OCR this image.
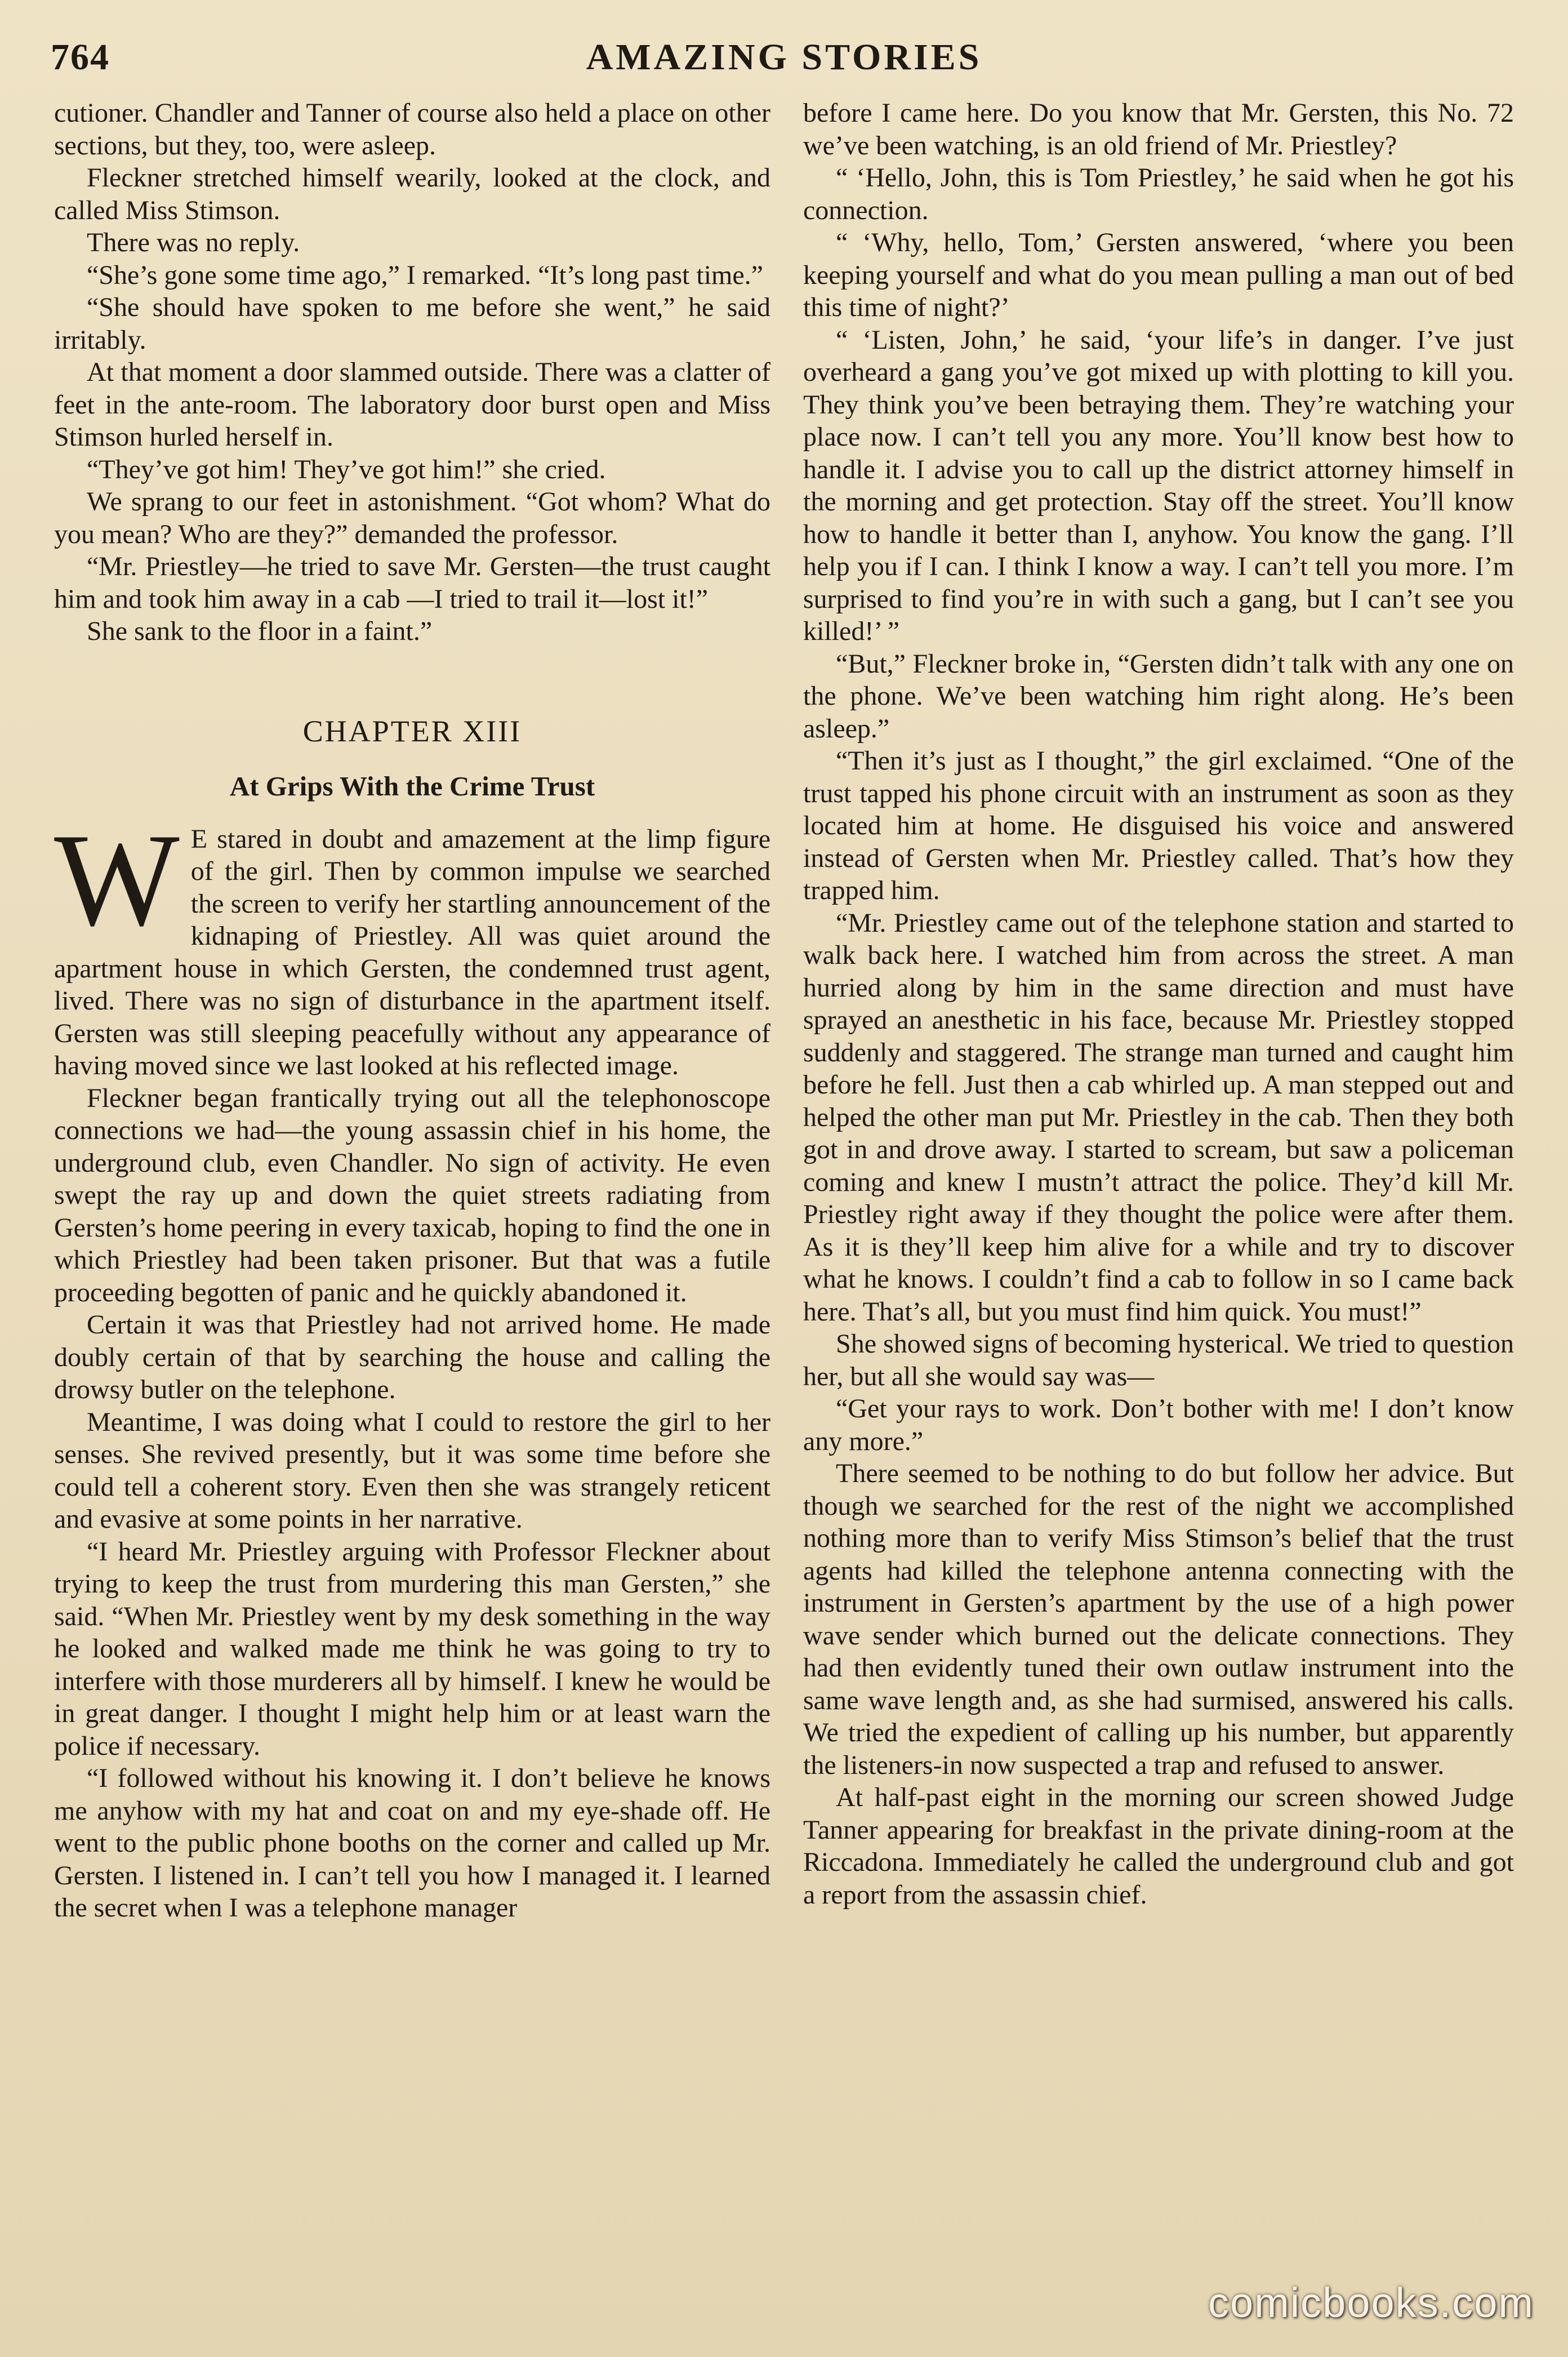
764	AMAZING STORIES

cutioner. Chandler and Tanner of course also held a place on other sections, but they, too, were asleep.

Fleckner stretched himself wearily, looked at the clock, and called Miss Stimson.

There was no reply.

“She’s gone some time ago,” I remarked. “It’s long past time.”

“She should have spoken to me before she went,” he said irritably.

At that moment a door slammed outside. There was a clatter of feet in the ante-room. The laboratory door burst open and Miss Stimson hurled herself in.

“They’ve got him! They’ve got him!” she cried.

We sprang to our feet in astonishment. “Got whom? What do you mean? Who are they?” demanded the professor.

“Mr. Priestley—he tried to save Mr. Gersten—the trust caught him and took him away in a cab —I tried to trail it—lost it!”

She sank to the floor in a faint.”

CHAPTER XIII
At Grips With the Crime Trust

W E stared in doubt and amazement at the limp figure of the girl. Then by common impulse we searched the screen to verify her startling announcement of the kidnaping of Priestley. All was quiet around the apartment house in which Gersten, the condemned trust agent, lived. There was no sign of disturbance in the apartment itself. Gersten was still sleeping peacefully without any appearance of having moved since we last looked at his reflected image.

Fleckner began frantically trying out all the telephonoscope connections we had—the young assassin chief in his home, the underground club, even Chandler. No sign of activity. He even swept the ray up and down the quiet streets radiating from Gersten’s home peering in every taxicab, hoping to find the one in which Priestley had been taken prisoner. But that was a futile proceeding begotten of panic and he quickly abandoned it.

Certain it was that Priestley had not arrived home. He made doubly certain of that by searching the house and calling the drowsy butler on the telephone.

Meantime, I was doing what I could to restore the girl to her senses. She revived presently, but it was some time before she could tell a coherent story. Even then she was strangely reticent and evasive at some points in her narrative.

“I heard Mr. Priestley arguing with Professor Fleckner about trying to keep the trust from murdering this man Gersten,” she said. “When Mr. Priestley went by my desk something in the way he looked and walked made me think he was going to try to interfere with those murderers all by himself. I knew he would be in great danger. I thought I might help him or at least warn the police if necessary.

“I followed without his knowing it. I don’t believe he knows me anyhow with my hat and coat on and my eye-shade off. He went to the public phone booths on the corner and called up Mr. Gersten. I listened in. I can’t tell you how I managed it. I learned the secret when I was a telephone manager

before I came here. Do you know that Mr. Gersten, this No. 72 we’ve been watching, is an old friend of Mr. Priestley?

“ ‘Hello, John, this is Tom Priestley,’ he said when he got his connection.

“ ‘Why, hello, Tom,’ Gersten answered, ‘where you been keeping yourself and what do you mean pulling a man out of bed this time of night?’

“ ‘Listen, John,’ he said, ‘your life’s in danger. I’ve just overheard a gang you’ve got mixed up with plotting to kill you. They think you’ve been betraying them. They’re watching your place now. I can’t tell you any more. You’ll know best how to handle it. I advise you to call up the district attorney himself in the morning and get protection. Stay off the street. You’ll know how to handle it better than I, anyhow. You know the gang. I’ll help you if I can. I think I know a way. I can’t tell you more. I’m surprised to find you’re in with such a gang, but I can’t see you killed!’ ”

“But,” Fleckner broke in, “Gersten didn’t talk with any one on the phone. We’ve been watching him right along. He’s been asleep.”

“Then it’s just as I thought,” the girl exclaimed. “One of the trust tapped his phone circuit with an instrument as soon as they located him at home. He disguised his voice and answered instead of Gersten when Mr. Priestley called. That’s how they trapped him.

“Mr. Priestley came out of the telephone station and started to walk back here. I watched him from across the street. A man hurried along by him in the same direction and must have sprayed an anesthetic in his face, because Mr. Priestley stopped suddenly and staggered. The strange man turned and caught him before he fell. Just then a cab whirled up. A man stepped out and helped the other man put Mr. Priestley in the cab. Then they both got in and drove away. I started to scream, but saw a policeman coming and knew I mustn’t attract the police. They’d kill Mr. Priestley right away if they thought the police were after them. As it is they’ll keep him alive for a while and try to discover what he knows. I couldn’t find a cab to follow in so I came back here. That’s all, but you must find him quick. You must!”

She showed signs of becoming hysterical. We tried to question her, but all she would say was—

“Get your rays to work. Don’t bother with me! I don’t know any more.”

There seemed to be nothing to do but follow her advice. But though we searched for the rest of the night we accomplished nothing more than to verify Miss Stimson’s belief that the trust agents had killed the telephone antenna connecting with the instrument in Gersten’s apartment by the use of a high power wave sender which burned out the delicate connections. They had then evidently tuned their own outlaw instrument into the same wave length and, as she had surmised, answered his calls. We tried the expedient of calling up his number, but apparently the listeners-in now suspected a trap and refused to answer.

At half-past eight in the morning our screen showed Judge Tanner appearing for breakfast in the private dining-room at the Riccadona. Immediately he called the underground club and got a report from the assassin chief.

comicbooks.com
